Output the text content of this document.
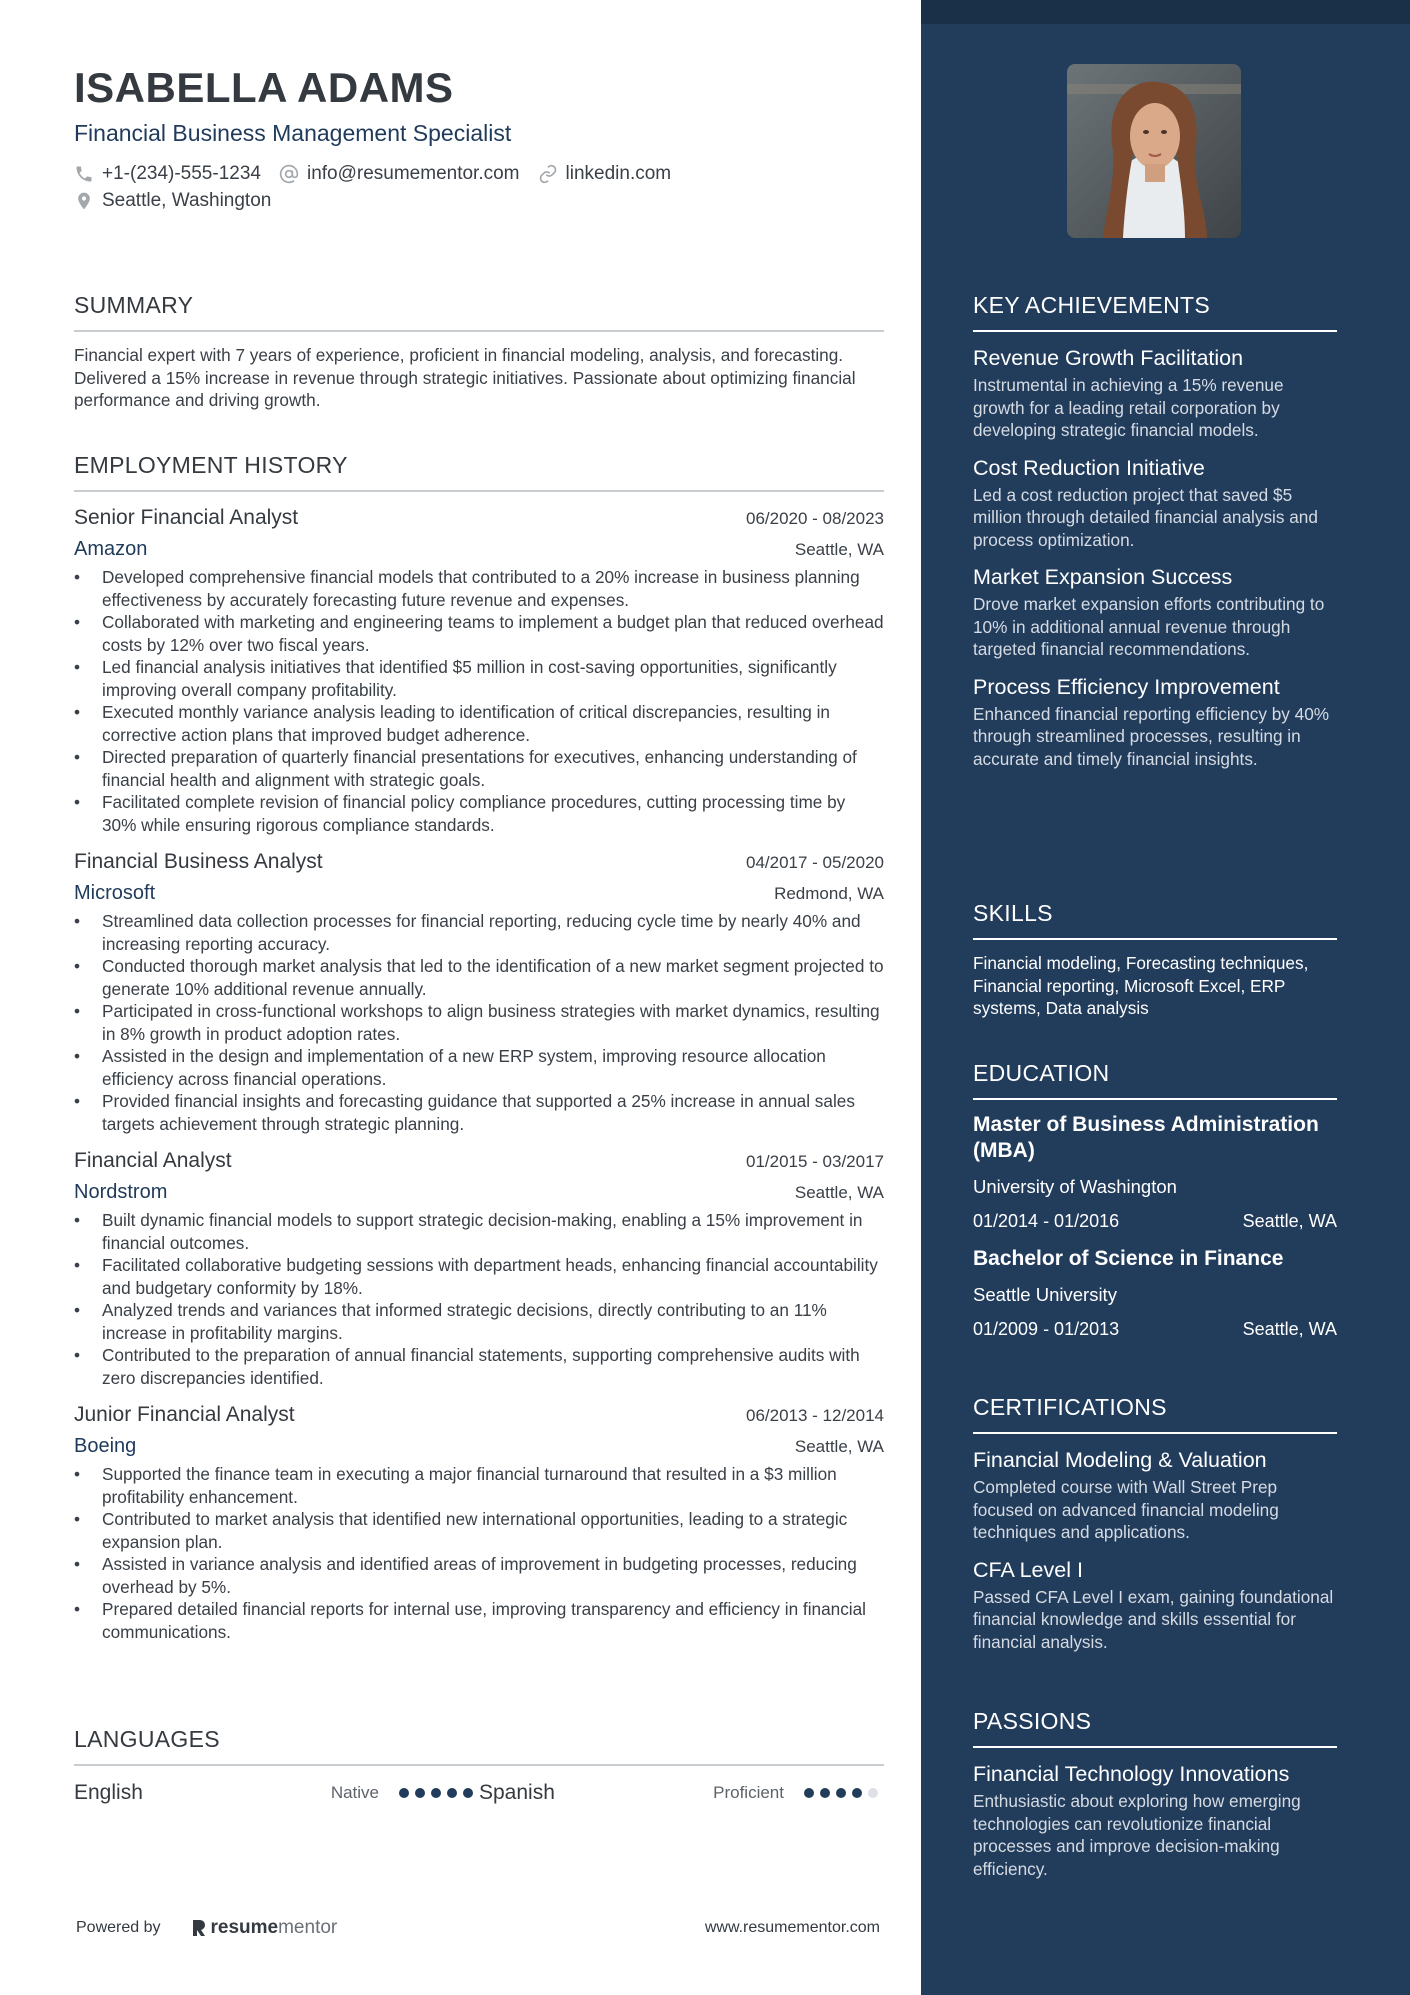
ISABELLA ADAMS
Financial Business Management Specialist
+1-(234)-555-1234 info@resumementor.com linkedin.com
Seattle, Washington
SUMMARY
Financial expert with 7 years of experience, proficient in financial modeling, analysis, and forecasting. Delivered a 15% increase in revenue through strategic initiatives. Passionate about optimizing financial performance and driving growth.
EMPLOYMENT HISTORY
Senior Financial Analyst	06/2020 - 08/2023
Amazon	Seattle, WA
• Developed comprehensive financial models that contributed to a 20% increase in business planning effectiveness by accurately forecasting future revenue and expenses.
• Collaborated with marketing and engineering teams to implement a budget plan that reduced overhead costs by 12% over two fiscal years.
• Led financial analysis initiatives that identified $5 million in cost-saving opportunities, significantly improving overall company profitability.
• Executed monthly variance analysis leading to identification of critical discrepancies, resulting in corrective action plans that improved budget adherence.
• Directed preparation of quarterly financial presentations for executives, enhancing understanding of financial health and alignment with strategic goals.
• Facilitated complete revision of financial policy compliance procedures, cutting processing time by 30% while ensuring rigorous compliance standards.
Financial Business Analyst	04/2017 - 05/2020
Microsoft	Redmond, WA
• Streamlined data collection processes for financial reporting, reducing cycle time by nearly 40% and increasing reporting accuracy.
• Conducted thorough market analysis that led to the identification of a new market segment projected to generate 10% additional revenue annually.
• Participated in cross-functional workshops to align business strategies with market dynamics, resulting in 8% growth in product adoption rates.
• Assisted in the design and implementation of a new ERP system, improving resource allocation efficiency across financial operations.
• Provided financial insights and forecasting guidance that supported a 25% increase in annual sales targets achievement through strategic planning.
Financial Analyst	01/2015 - 03/2017
Nordstrom	Seattle, WA
• Built dynamic financial models to support strategic decision-making, enabling a 15% improvement in financial outcomes.
• Facilitated collaborative budgeting sessions with department heads, enhancing financial accountability and budgetary conformity by 18%.
• Analyzed trends and variances that informed strategic decisions, directly contributing to an 11% increase in profitability margins.
• Contributed to the preparation of annual financial statements, supporting comprehensive audits with zero discrepancies identified.
Junior Financial Analyst	06/2013 - 12/2014
Boeing	Seattle, WA
• Supported the finance team in executing a major financial turnaround that resulted in a $3 million profitability enhancement.
• Contributed to market analysis that identified new international opportunities, leading to a strategic expansion plan.
• Assisted in variance analysis and identified areas of improvement in budgeting processes, reducing overhead by 5%.
• Prepared detailed financial reports for internal use, improving transparency and efficiency in financial communications.
LANGUAGES
English	Native	Spanish	Proficient
Powered by	resume mentor	www.resumementor.com
KEY ACHIEVEMENTS
Revenue Growth Facilitation
Instrumental in achieving a 15% revenue growth for a leading retail corporation by developing strategic financial models.
Cost Reduction Initiative
Led a cost reduction project that saved $5 million through detailed financial analysis and process optimization.
Market Expansion Success
Drove market expansion efforts contributing to 10% in additional annual revenue through targeted financial recommendations.
Process Efficiency Improvement
Enhanced financial reporting efficiency by 40% through streamlined processes, resulting in accurate and timely financial insights.
SKILLS
Financial modeling, Forecasting techniques, Financial reporting, Microsoft Excel, ERP systems, Data analysis
EDUCATION
Master of Business Administration (MBA)
University of Washington
01/2014 - 01/2016	Seattle, WA
Bachelor of Science in Finance
Seattle University
01/2009 - 01/2013	Seattle, WA
CERTIFICATIONS
Financial Modeling & Valuation
Completed course with Wall Street Prep focused on advanced financial modeling techniques and applications.
CFA Level I
Passed CFA Level I exam, gaining foundational financial knowledge and skills essential for financial analysis.
PASSIONS
Financial Technology Innovations
Enthusiastic about exploring how emerging technologies can revolutionize financial processes and improve decision-making efficiency.
